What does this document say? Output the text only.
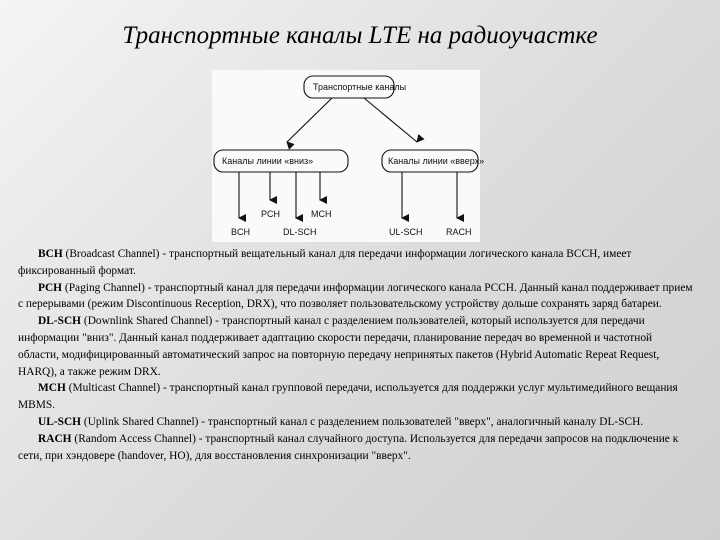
Транспортные каналы LTE на радиоучастке
Транспортные каналы
Каналы линии «вниз»	Каналы линии «вверх»
BCH
PCH
DL-SCH
MCH
UL-SCH	RACH

BCH (Broadcast Channel) - транспортный вещательный канал для передачи информации логического канала BCCH, имеет фиксированный формат.

PCH (Paging Channel) - транспортный канал для передачи информации логического канала PCCH. Данный канал поддерживает прием с перерывами (режим Discontinuous Reception, DRX), что позволяет пользовательскому устройству дольше сохранять заряд батареи.

DL-SCH (Downlink Shared Channel) - транспортный канал с разделением пользователей, который используется для передачи информации "вниз". Данный канал поддерживает адаптацию скорости передачи, планирование передач во временной и частотной области, модифицированный автоматический запрос на повторную передачу непринятых пакетов (Hybrid Automatic Repeat Request, HARQ), а также режим DRX.

MCH (Multicast Channel) - транспортный канал групповой передачи, используется для поддержки услуг мультимедийного вещания MBMS.

UL-SCH (Uplink Shared Channel) - транспортный канал с разделением пользователей "вверх", аналогичный каналу DL-SCH.

RACH (Random Access Channel) - транспортный канал случайного доступа. Используется для передачи запросов на подключение к сети, при хэндовере (handover, HO), для восстановления синхронизации "вверх".
